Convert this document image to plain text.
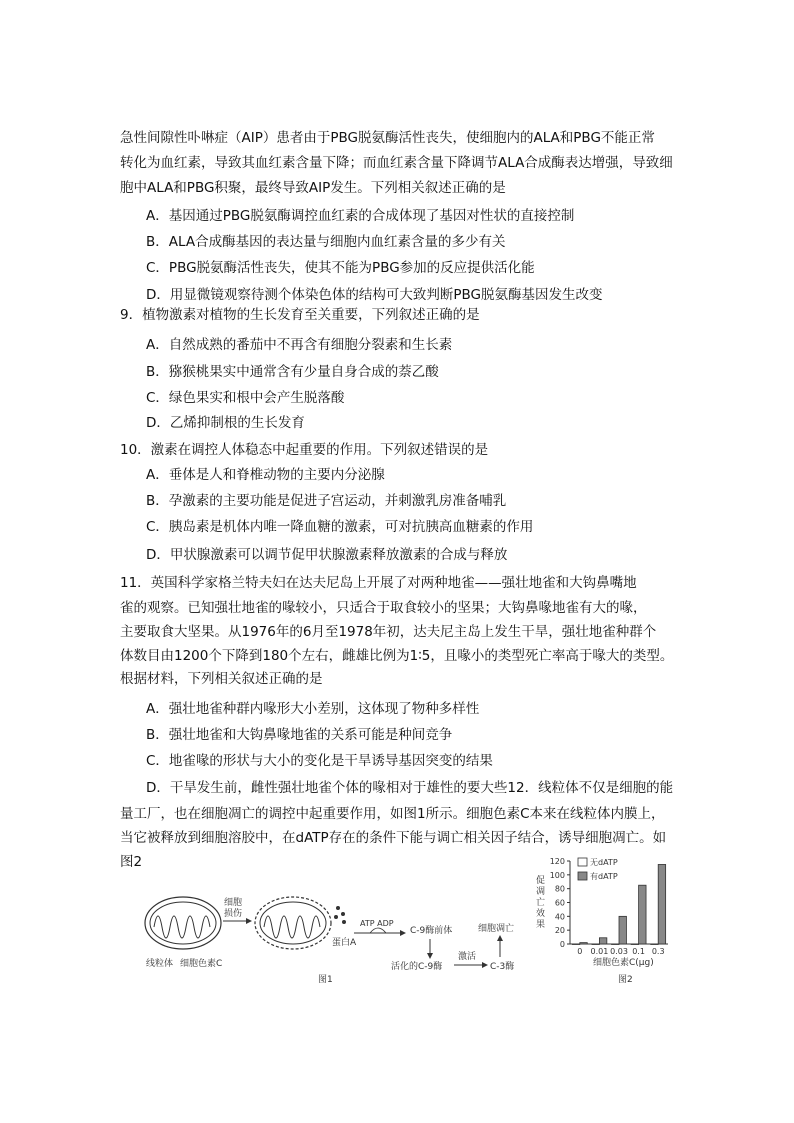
急性间隙性卟啉症（AIP）患者由于PBG脱氨酶活性丧失，使细胞内的ALA和PBG不能正常
转化为血红素，导致其血红素含量下降；而血红素含量下降调节ALA合成酶表达增强，导致细
胞中ALA和PBG积聚，最终导致AIP发生。下列相关叙述正确的是
A．基因通过PBG脱氨酶调控血红素的合成体现了基因对性状的直接控制
B．ALA合成酶基因的表达量与细胞内血红素含量的多少有关
C．PBG脱氨酶活性丧失，使其不能为PBG参加的反应提供活化能
D．用显微镜观察待测个体染色体的结构可大致判断PBG脱氨酶基因发生改变
9．植物激素对植物的生长发育至关重要，下列叙述正确的是
A．自然成熟的番茄中不再含有细胞分裂素和生长素
B．猕猴桃果实中通常含有少量自身合成的萘乙酸
C．绿色果实和根中会产生脱落酸
D．乙烯抑制根的生长发育
10．激素在调控人体稳态中起重要的作用。下列叙述错误的是
A．垂体是人和脊椎动物的主要内分泌腺
B．孕激素的主要功能是促进子宫运动，并刺激乳房准备哺乳
C．胰岛素是机体内唯一降血糖的激素，可对抗胰高血糖素的作用
D．甲状腺激素可以调节促甲状腺激素释放激素的合成与释放
11．英国科学家格兰特夫妇在达夫尼岛上开展了对两种地雀——强壮地雀和大钩鼻嘴地
雀的观察。已知强壮地雀的喙较小，只适合于取食较小的坚果；大钩鼻喙地雀有大的喙，
主要取食大坚果。从1976年的6月至1978年初，达夫尼主岛上发生干旱，强壮地雀种群个
体数目由1200个下降到180个左右，雌雄比例为1∶5，且喙小的类型死亡率高于喙大的类型。
根据材料，下列相关叙述正确的是
A．强壮地雀种群内喙形大小差别，这体现了物种多样性
B．强壮地雀和大钩鼻喙地雀的关系可能是种间竞争
C．地雀喙的形状与大小的变化是干旱诱导基因突变的结果
D．干旱发生前，雌性强壮地雀个体的喙相对于雄性的要大些12．线粒体不仅是细胞的能
量工厂，也在细胞凋亡的调控中起重要作用，如图1所示。细胞色素C本来在线粒体内膜上，
当它被释放到细胞溶胶中，在dATP存在的条件下能与调亡相关因子结合，诱导细胞凋亡。如
图2
细胞
损伤
线粒体 细胞色素C
蛋白A
ATP ADP
C-9酶前体
活化的C-9酶
激活
C-3酶
细胞凋亡
图1
0
20
40
60
80
100
120
0 0.01 0.03 0.1 0.3
无dATP
有dATP
细胞色素C(μg)
图2
促
凋
亡
效
果
